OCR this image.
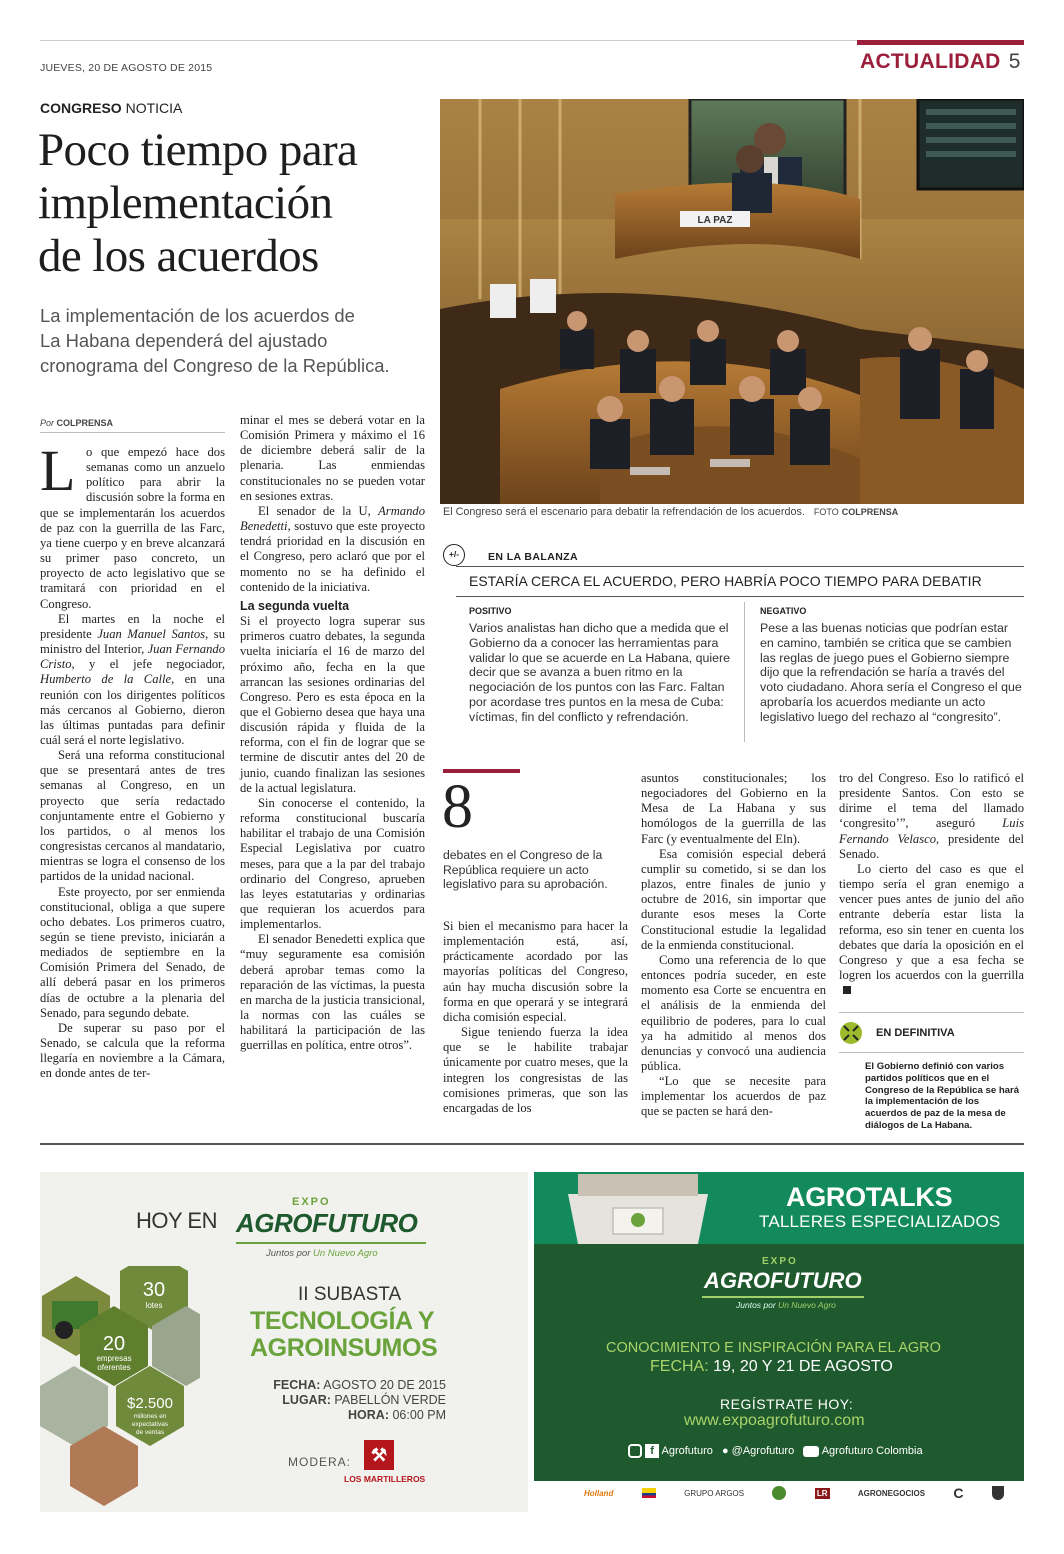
JUEVES, 20 DE AGOSTO DE 2015	ACTUALIDAD 5
CONGRESO NOTICIA
Poco tiempo para
implementación
de los acuerdos
La implementación de los acuerdos de
La Habana dependerá del ajustado
cronograma del Congreso de la República.
Por COLPRENSA
L o que empezó hace dos semanas como un anzuelo político para abrir la discusión sobre la forma en que se implementarán los acuerdos de paz con la guerrilla de las Farc, ya tiene cuerpo y en breve alcanzará su primer paso concreto, un proyecto de acto legislativo que se tramitará con prioridad en el Congreso.

El martes en la noche el presidente Juan Manuel Santos, su ministro del Interior, Juan Fernando Cristo, y el jefe negociador, Humberto de la Calle, en una reunión con los dirigentes políticos más cercanos al Gobierno, dieron las últimas puntadas para definir cuál será el norte legislativo.

Será una reforma constitucional que se presentará antes de tres semanas al Congreso, en un proyecto que sería redactado conjuntamente entre el Gobierno y los partidos, o al menos los congresistas cercanos al mandatario, mientras se logra el consenso de los partidos de la unidad nacional.

Este proyecto, por ser enmienda constitucional, obliga a que supere ocho debates. Los primeros cuatro, según se tiene previsto, iniciarán a mediados de septiembre en la Comisión Primera del Senado, de allí deberá pasar en los primeros días de octubre a la plenaria del Senado, para segundo debate.

De superar su paso por el Senado, se calcula que la reforma llegaría en noviembre a la Cámara, en donde antes de ter-

minar el mes se deberá votar en la Comisión Primera y máximo el 16 de diciembre deberá salir de la plenaria. Las enmiendas constitucionales no se pueden votar en sesiones extras.

El senador de la U, Armando Benedetti, sostuvo que este proyecto tendrá prioridad en la discusión en el Congreso, pero aclaró que por el momento no se ha definido el contenido de la iniciativa.

La segunda vuelta

Si el proyecto logra superar sus primeros cuatro debates, la segunda vuelta iniciaría el 16 de marzo del próximo año, fecha en la que arrancan las sesiones ordinarias del Congreso. Pero es esta época en la que el Gobierno desea que haya una discusión rápida y fluida de la reforma, con el fin de lograr que se termine de discutir antes del 20 de junio, cuando finalizan las sesiones de la actual legislatura.

Sin conocerse el contenido, la reforma constitucional buscaría habilitar el trabajo de una Comisión Especial Legislativa por cuatro meses, para que a la par del trabajo ordinario del Congreso, aprueben las leyes estatutarias y ordinarias que requieran los acuerdos para implementarlos.

El senador Benedetti explica que “muy seguramente esa comisión deberá aprobar temas como la reparación de las víctimas, la puesta en marcha de la justicia transicional, la normas con las cuáles se habilitará la participación de las guerrillas en política, entre otros”.

LA PAZ
El Congreso será el escenario para debatir la refrendación de los acuerdos. FOTO COLPRENSA
+/-	EN LA BALANZA
ESTARÍA CERCA EL ACUERDO, PERO HABRÍA POCO TIEMPO PARA DEBATIR
POSITIVO
Varios analistas han dicho que a medida que el Gobierno da a conocer las herramientas para validar lo que se acuerde en La Habana, quiere decir que se avanza a buen ritmo en la negociación de los puntos con las Farc. Faltan por acordase tres puntos en la mesa de Cuba: víctimas, fin del conflicto y refrendación.
NEGATIVO
Pese a las buenas noticias que podrían estar en camino, también se critica que se cambien las reglas de juego pues el Gobierno siempre dijo que la refrendación se haría a través del voto ciudadano. Ahora sería el Congreso el que aprobaría los acuerdos mediante un acto legislativo luego del rechazo al “congresito”.
8
debates en el Congreso de la República requiere un acto legislativo para su aprobación.

Si bien el mecanismo para hacer la implementación está, así, prácticamente acordado por las mayorías políticas del Congreso, aún hay mucha discusión sobre la forma en que operará y se integrará dicha comisión especial.

Sigue teniendo fuerza la idea que se le habilite trabajar únicamente por cuatro meses, que la integren los congresistas de las comisiones primeras, que son las encargadas de los

asuntos constitucionales; los negociadores del Gobierno en la Mesa de La Habana y sus homólogos de la guerrilla de las Farc (y eventualmente del Eln).

Esa comisión especial deberá cumplir su cometido, si se dan los plazos, entre finales de junio y octubre de 2016, sin importar que durante esos meses la Corte Constitucional estudie la legalidad de la enmienda constitucional.

Como una referencia de lo que entonces podría suceder, en este momento esa Corte se encuentra en el análisis de la enmienda del equilibrio de poderes, para lo cual ya ha admitido al menos dos denuncias y convocó una audiencia pública.

“Lo que se necesite para implementar los acuerdos de paz que se pacten se hará den-

tro del Congreso. Eso lo ratificó el presidente Santos. Con esto se dirime el tema del llamado ‘congresito’”, aseguró Luis Fernando Velasco, presidente del Senado.

Lo cierto del caso es que el tiempo sería el gran enemigo a vencer pues antes de junio del año entrante debería estar lista la reforma, eso sin tener en cuenta los debates que daría la oposición en el Congreso y que a esa fecha se logren los acuerdos con la guerrilla

EN DEFINITIVA
El Gobierno definió con varios partidos políticos que en el Congreso de la República se hará la implementación de los acuerdos de paz de la mesa de diálogos de La Habana.
HOY EN
EXPO
AGROFUTURO
Juntos por Un Nuevo Agro
30
lotes
20
empresas
oferentes
$2.500
millones en
expectativas
de ventas
II SUBASTA
TECNOLOGÍA Y
AGROINSUMOS
FECHA: AGOSTO 20 DE 2015
LUGAR: PABELLÓN VERDE
HORA: 06:00 PM
MODERA:	⚒
LOS MARTILLEROS
AGROTALKS
TALLERES ESPECIALIZADOS
EXPO
AGROFUTURO
Juntos por Un Nuevo Agro
CONOCIMIENTO E INSPIRACIÓN PARA EL AGRO
FECHA: 19, 20 Y 21 DE AGOSTO
REGÍSTRATE HOY:
www.expoagrofuturo.com
f Agrofuturo ● @Agrofuturo	Agrofuturo Colombia
Holland	GRUPO ARGOS	LR	AGRONEGOCIOS C
